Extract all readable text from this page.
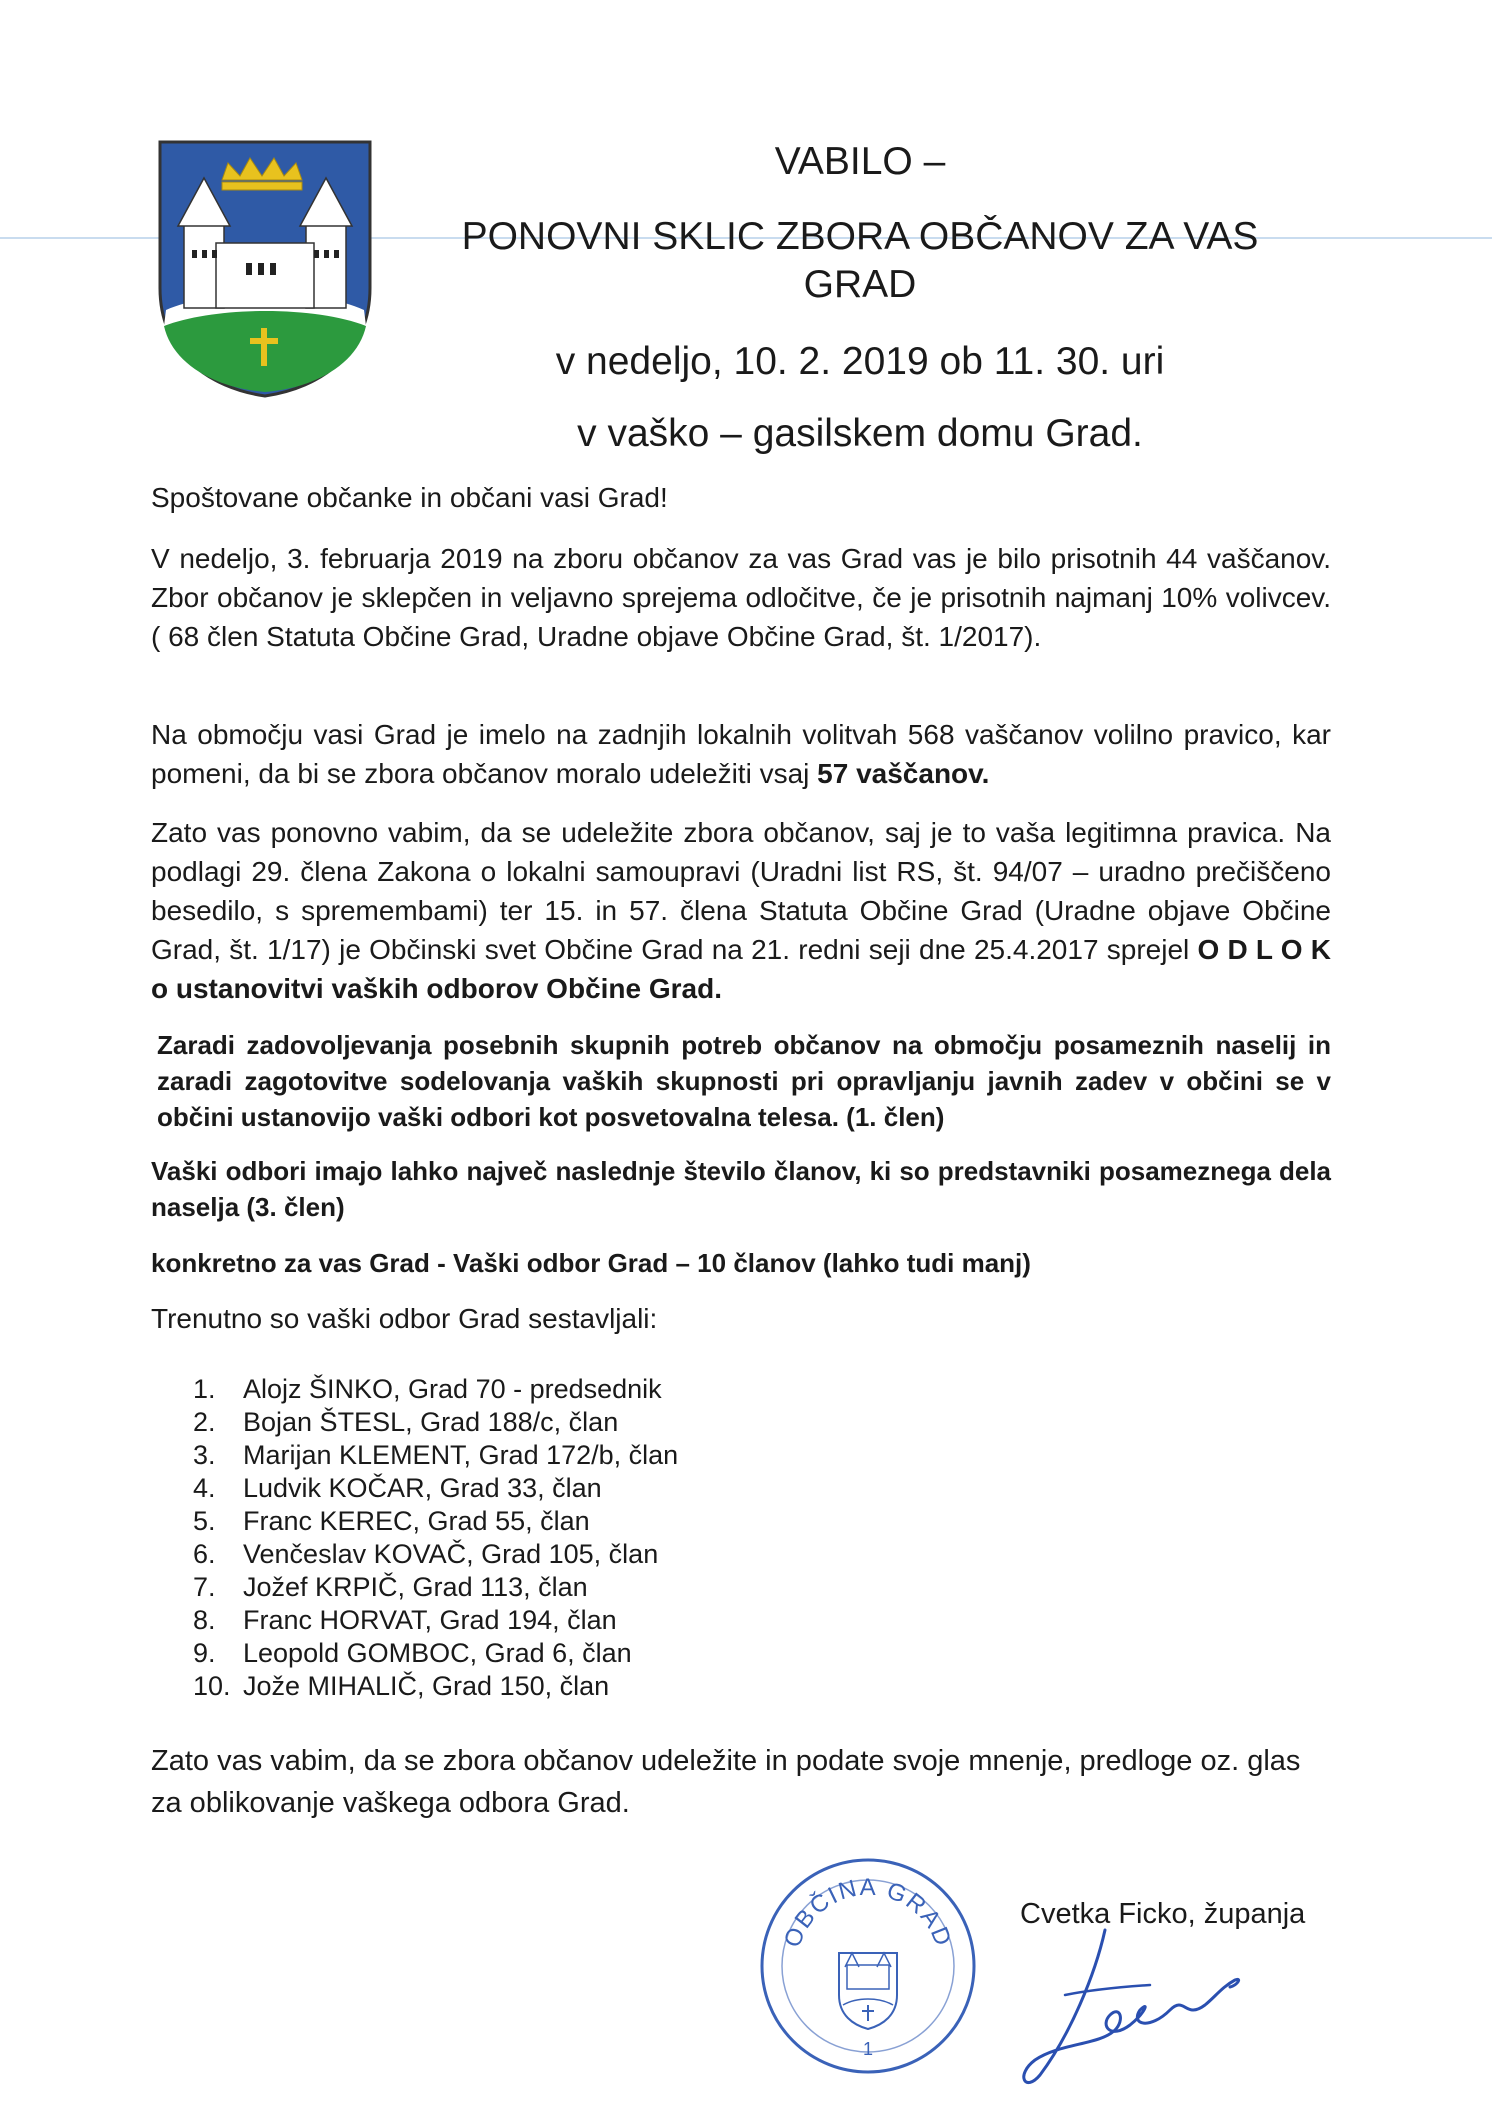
VABILO –
PONOVNI SKLIC ZBORA OBČANOV ZA VAS
GRAD
v nedeljo, 10. 2. 2019 ob 11. 30. uri
v vaško – gasilskem domu Grad.
Spoštovane občanke in občani vasi Grad!
V nedeljo, 3. februarja 2019 na zboru občanov za vas Grad vas je bilo prisotnih 44 vaščanov. Zbor občanov je sklepčen in veljavno sprejema odločitve, če je prisotnih najmanj 10% volivcev. ( 68 člen Statuta Občine Grad, Uradne objave Občine Grad, št. 1/2017).
Na območju vasi Grad je imelo na zadnjih lokalnih volitvah 568 vaščanov volilno pravico, kar pomeni, da bi se zbora občanov moralo udeležiti vsaj 57 vaščanov.
Zato vas ponovno vabim, da se udeležite zbora občanov, saj je to vaša legitimna pravica. Na podlagi 29. člena Zakona o lokalni samoupravi (Uradni list RS, št. 94/07 – uradno prečiščeno besedilo, s spremembami) ter 15. in 57. člena Statuta Občine Grad (Uradne objave Občine Grad, št. 1/17) je Občinski svet Občine Grad na 21. redni seji dne 25.4.2017 sprejel O D L O K o ustanovitvi vaških odborov Občine Grad.
Zaradi zadovoljevanja posebnih skupnih potreb občanov na območju posameznih naselij in zaradi zagotovitve sodelovanja vaških skupnosti pri opravljanju javnih zadev v občini se v občini ustanovijo vaški odbori kot posvetovalna telesa. (1. člen)
Vaški odbori imajo lahko največ naslednje število članov, ki so predstavniki posameznega dela naselja (3. člen)
konkretno za vas Grad - Vaški odbor Grad – 10 članov (lahko tudi manj)
Trenutno so vaški odbor Grad sestavljali:
1.	Alojz ŠINKO, Grad 70 - predsednik
2.	Bojan ŠTESL, Grad 188/c, član
3.	Marijan KLEMENT, Grad 172/b, član
4.	Ludvik KOČAR, Grad 33, član
5.	Franc KEREC, Grad 55, član
6.	Venčeslav KOVAČ, Grad 105, član
7.	Jožef KRPIČ, Grad 113, član
8.	Franc HORVAT, Grad 194, član
9.	Leopold GOMBOC, Grad 6, član
10. Jože MIHALIČ, Grad 150, član
Zato vas vabim, da se zbora občanov udeležite in podate svoje mnenje, predloge oz. glas za oblikovanje vaškega odbora Grad.
OBČINA GRAD
1
Cvetka Ficko, županja
